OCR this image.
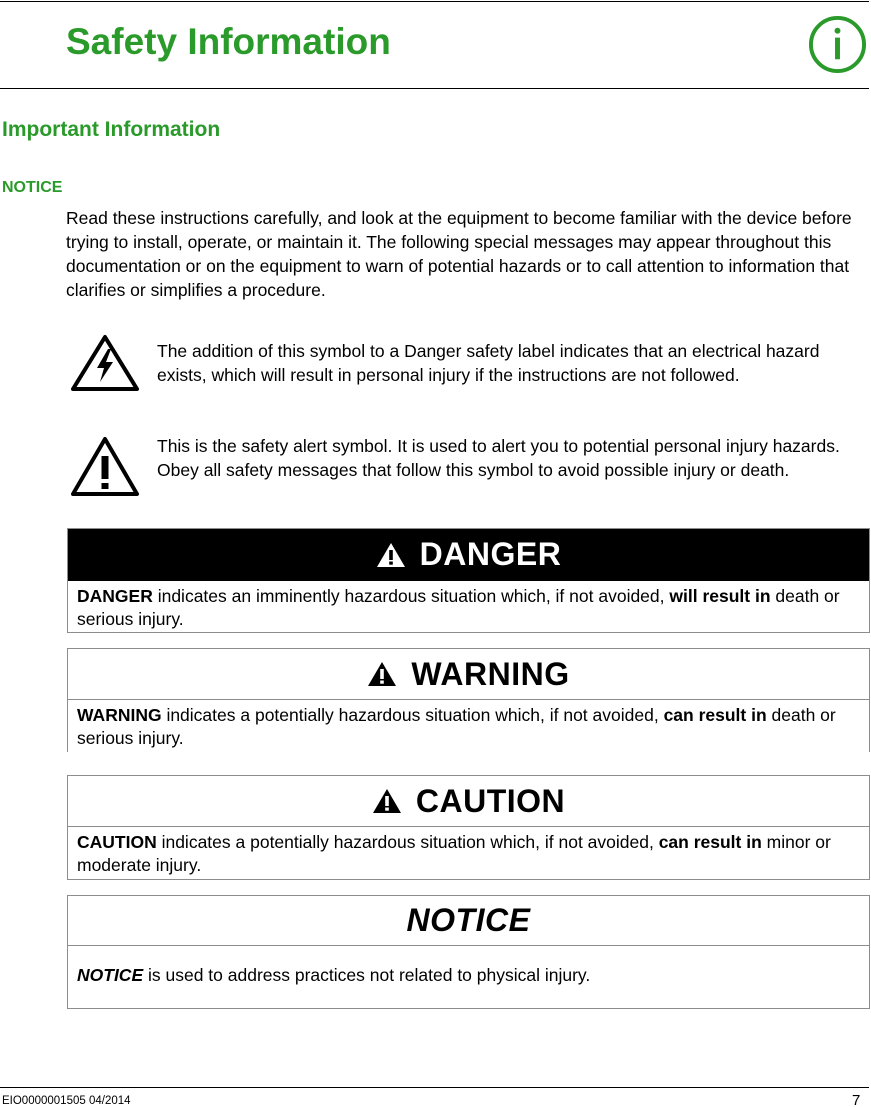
Safety Information
Important Information
NOTICE

Read these instructions carefully, and look at the equipment to become familiar with the device before trying to install, operate, or maintain it. The following special messages may appear throughout this documentation or on the equipment to warn of potential hazards or to call attention to information that clarifies or simplifies a procedure.

The addition of this symbol to a Danger safety label indicates that an electrical hazard exists, which will result in personal injury if the instructions are not followed.

This is the safety alert symbol. It is used to alert you to potential personal injury hazards. Obey all safety messages that follow this symbol to avoid possible injury or death.

DANGER
DANGER indicates an imminently hazardous situation which, if not avoided, will result in death or serious injury.
WARNING
WARNING indicates a potentially hazardous situation which, if not avoided, can result in death or serious injury.
CAUTION
CAUTION indicates a potentially hazardous situation which, if not avoided, can result in minor or moderate injury.
NOTICE
NOTICE is used to address practices not related to physical injury.
EIO0000001505 04/2014	7
